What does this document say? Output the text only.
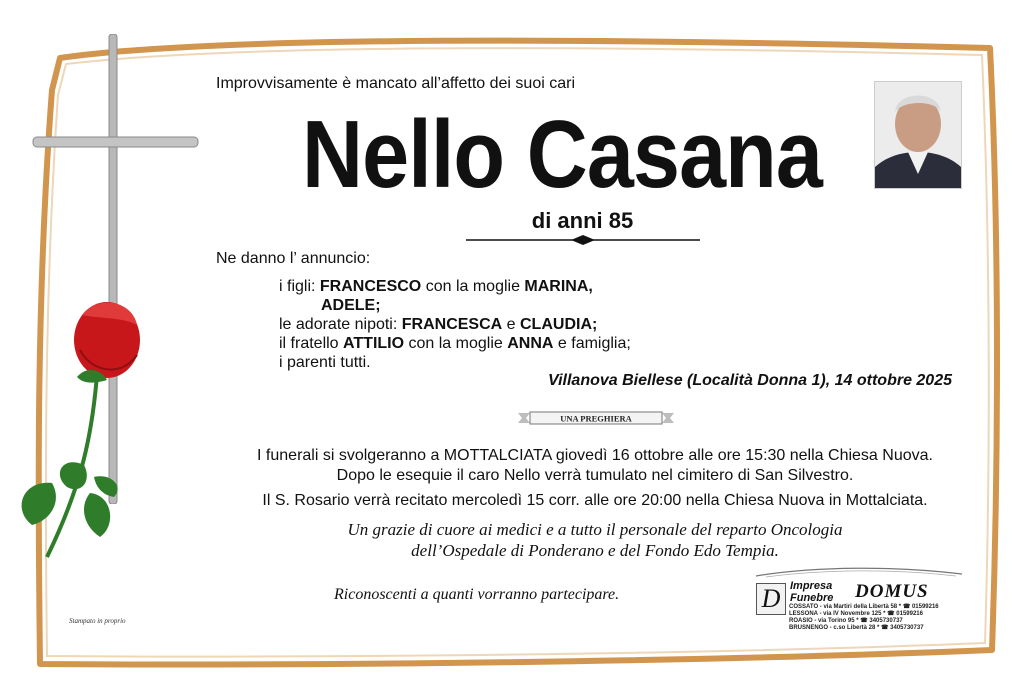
Improvvisamente è mancato all’affetto dei suoi cari
Nello Casana
di anni 85
Ne danno l’ annuncio:
i figli: FRANCESCO con la moglie MARINA,
ADELE;
le adorate nipoti: FRANCESCA e CLAUDIA;
il fratello ATTILIO con la moglie ANNA e famiglia;
i parenti tutti.
Villanova Biellese (Località Donna 1), 14 ottobre 2025
UNA PREGHIERA
I funerali si svolgeranno a MOTTALCIATA giovedì 16 ottobre alle ore 15:30 nella Chiesa Nuova.
Dopo le esequie il caro Nello verrà tumulato nel cimitero di San Silvestro.
Il S. Rosario verrà recitato mercoledì 15 corr. alle ore 20:00 nella Chiesa Nuova in Mottalciata.
Un grazie di cuore ai medici e a tutto il personale del reparto Oncologia
dell’Ospedale di Ponderano e del Fondo Edo Tempia.
Riconoscenti a quanti vorranno partecipare.
Stampato in proprio
D Impresa
Funebre DOMUS
COSSATO - via Martiri della Libertà 58 * ☎ 01599216
LESSONA - via IV Novembre 125 * ☎ 01599216
ROASIO - via Torino 95 * ☎ 3405730737
BRUSNENGO - c.so Libertà 28 * ☎ 3405730737
